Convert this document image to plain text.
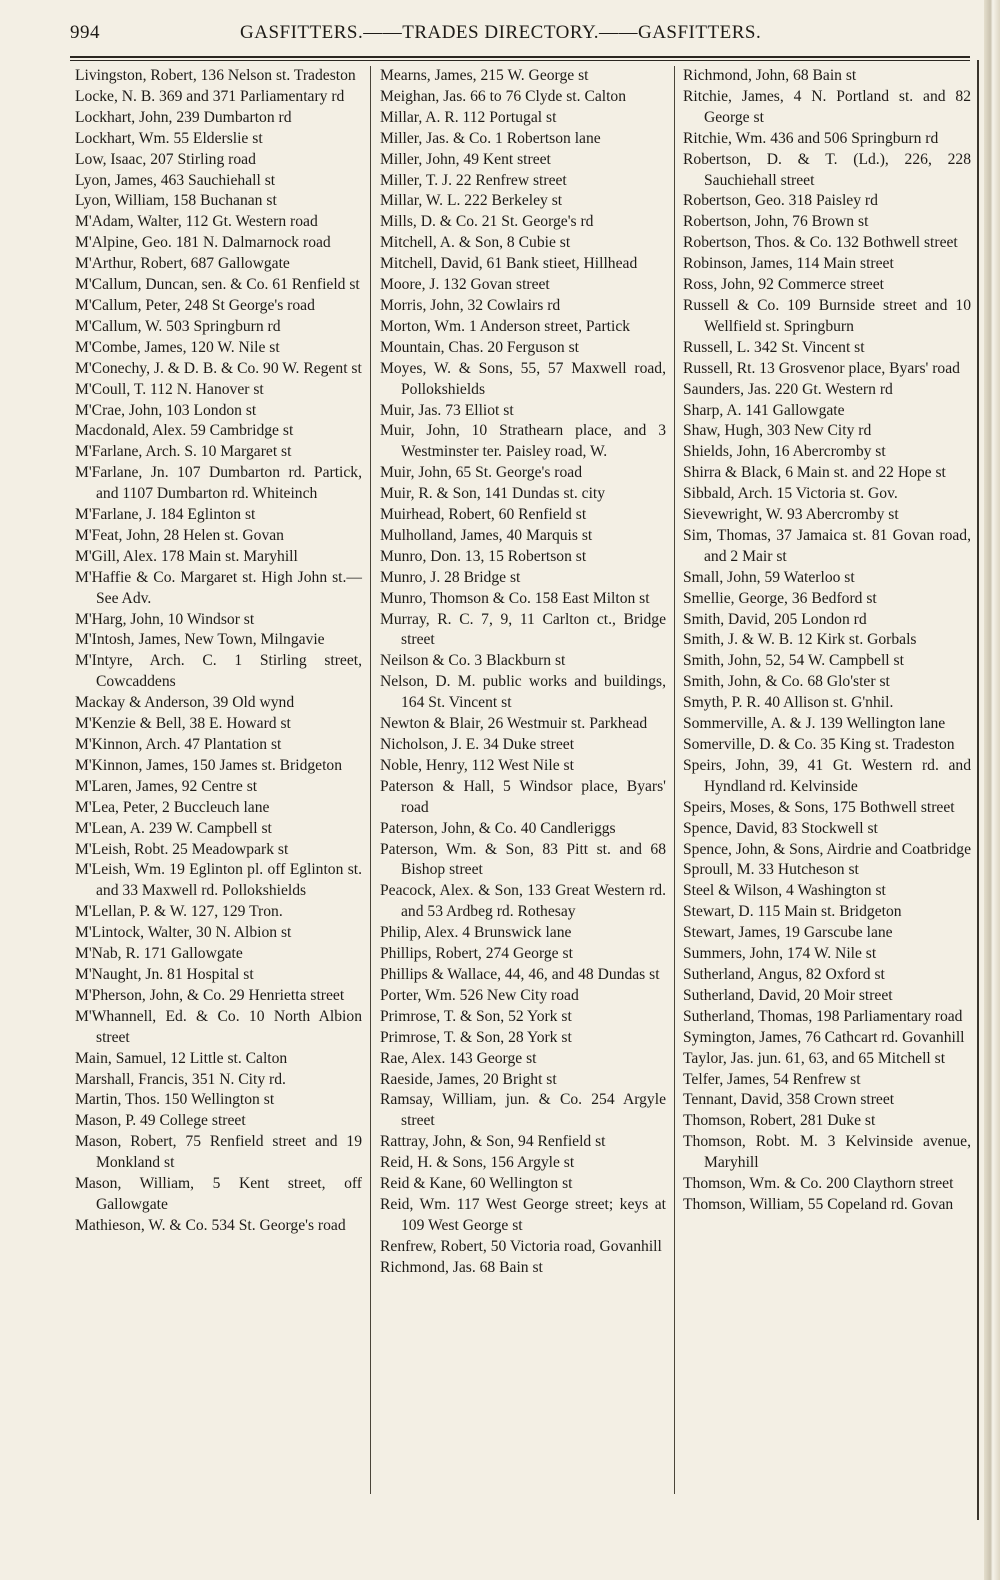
994	GASFITTERS.——TRADES DIRECTORY.——GASFITTERS.

Livingston, Robert, 136 Nelson st. Tradeston

Locke, N. B. 369 and 371 Parliamentary rd

Lockhart, John, 239 Dumbarton rd

Lockhart, Wm. 55 Elderslie st

Low, Isaac, 207 Stirling road

Lyon, James, 463 Sauchiehall st

Lyon, William, 158 Buchanan st

M'Adam, Walter, 112 Gt. Western road

M'Alpine, Geo. 181 N. Dalmarnock road

M'Arthur, Robert, 687 Gallowgate

M'Callum, Duncan, sen. & Co. 61 Renfield st

M'Callum, Peter, 248 St George's road

M'Callum, W. 503 Springburn rd

M'Combe, James, 120 W. Nile st

M'Conechy, J. & D. B. & Co. 90 W. Regent st

M'Coull, T. 112 N. Hanover st

M'Crae, John, 103 London st

Macdonald, Alex. 59 Cambridge st

M'Farlane, Arch. S. 10 Margaret st

M'Farlane, Jn. 107 Dumbarton rd. Partick, and 1107 Dumbarton rd. Whiteinch

M'Farlane, J. 184 Eglinton st

M'Feat, John, 28 Helen st. Govan

M'Gill, Alex. 178 Main st. Maryhill

M'Haffie & Co. Margaret st. High John st.—See Adv.

M'Harg, John, 10 Windsor st

M'Intosh, James, New Town, Milngavie

M'Intyre, Arch. C. 1 Stirling street, Cowcaddens

Mackay & Anderson, 39 Old wynd

M'Kenzie & Bell, 38 E. Howard st

M'Kinnon, Arch. 47 Plantation st

M'Kinnon, James, 150 James st. Bridgeton

M'Laren, James, 92 Centre st

M'Lea, Peter, 2 Buccleuch lane

M'Lean, A. 239 W. Campbell st

M'Leish, Robt. 25 Meadowpark st

M'Leish, Wm. 19 Eglinton pl. off Eglinton st. and 33 Maxwell rd. Pollokshields

M'Lellan, P. & W. 127, 129 Tron.

M'Lintock, Walter, 30 N. Albion st

M'Nab, R. 171 Gallowgate

M'Naught, Jn. 81 Hospital st

M'Pherson, John, & Co. 29 Henrietta street

M'Whannell, Ed. & Co. 10 North Albion street

Main, Samuel, 12 Little st. Calton

Marshall, Francis, 351 N. City rd.

Martin, Thos. 150 Wellington st

Mason, P. 49 College street

Mason, Robert, 75 Renfield street and 19 Monkland st

Mason, William, 5 Kent street, off Gallowgate

Mathieson, W. & Co. 534 St. George's road

Mearns, James, 215 W. George st

Meighan, Jas. 66 to 76 Clyde st. Calton

Millar, A. R. 112 Portugal st

Miller, Jas. & Co. 1 Robertson lane

Miller, John, 49 Kent street

Miller, T. J. 22 Renfrew street

Millar, W. L. 222 Berkeley st

Mills, D. & Co. 21 St. George's rd

Mitchell, A. & Son, 8 Cubie st

Mitchell, David, 61 Bank stieet, Hillhead

Moore, J. 132 Govan street

Morris, John, 32 Cowlairs rd

Morton, Wm. 1 Anderson street, Partick

Mountain, Chas. 20 Ferguson st

Moyes, W. & Sons, 55, 57 Maxwell road, Pollokshields

Muir, Jas. 73 Elliot st

Muir, John, 10 Strathearn place, and 3 Westminster ter. Paisley road, W.

Muir, John, 65 St. George's road

Muir, R. & Son, 141 Dundas st. city

Muirhead, Robert, 60 Renfield st

Mulholland, James, 40 Marquis st

Munro, Don. 13, 15 Robertson st

Munro, J. 28 Bridge st

Munro, Thomson & Co. 158 East Milton st

Murray, R. C. 7, 9, 11 Carlton ct., Bridge street

Neilson & Co. 3 Blackburn st

Nelson, D. M. public works and buildings, 164 St. Vincent st

Newton & Blair, 26 Westmuir st. Parkhead

Nicholson, J. E. 34 Duke street

Noble, Henry, 112 West Nile st

Paterson & Hall, 5 Windsor place, Byars' road

Paterson, John, & Co. 40 Candleriggs

Paterson, Wm. & Son, 83 Pitt st. and 68 Bishop street

Peacock, Alex. & Son, 133 Great Western rd. and 53 Ardbeg rd. Rothesay

Philip, Alex. 4 Brunswick lane

Phillips, Robert, 274 George st

Phillips & Wallace, 44, 46, and 48 Dundas st

Porter, Wm. 526 New City road

Primrose, T. & Son, 52 York st

Primrose, T. & Son, 28 York st

Rae, Alex. 143 George st

Raeside, James, 20 Bright st

Ramsay, William, jun. & Co. 254 Argyle street

Rattray, John, & Son, 94 Renfield st

Reid, H. & Sons, 156 Argyle st

Reid & Kane, 60 Wellington st

Reid, Wm. 117 West George street; keys at 109 West George st

Renfrew, Robert, 50 Victoria road, Govanhill

Richmond, Jas. 68 Bain st

Richmond, John, 68 Bain st

Ritchie, James, 4 N. Portland st. and 82 George st

Ritchie, Wm. 436 and 506 Springburn rd

Robertson, D. & T. (Ld.), 226, 228 Sauchiehall street

Robertson, Geo. 318 Paisley rd

Robertson, John, 76 Brown st

Robertson, Thos. & Co. 132 Bothwell street

Robinson, James, 114 Main street

Ross, John, 92 Commerce street

Russell & Co. 109 Burnside street and 10 Wellfield st. Springburn

Russell, L. 342 St. Vincent st

Russell, Rt. 13 Grosvenor place, Byars' road

Saunders, Jas. 220 Gt. Western rd

Sharp, A. 141 Gallowgate

Shaw, Hugh, 303 New City rd

Shields, John, 16 Abercromby st

Shirra & Black, 6 Main st. and 22 Hope st

Sibbald, Arch. 15 Victoria st. Gov.

Sievewright, W. 93 Abercromby st

Sim, Thomas, 37 Jamaica st. 81 Govan road, and 2 Mair st

Small, John, 59 Waterloo st

Smellie, George, 36 Bedford st

Smith, David, 205 London rd

Smith, J. & W. B. 12 Kirk st. Gorbals

Smith, John, 52, 54 W. Campbell st

Smith, John, & Co. 68 Glo'ster st

Smyth, P. R. 40 Allison st. G'nhil.

Sommerville, A. & J. 139 Wellington lane

Somerville, D. & Co. 35 King st. Tradeston

Speirs, John, 39, 41 Gt. Western rd. and Hyndland rd. Kelvinside

Speirs, Moses, & Sons, 175 Bothwell street

Spence, David, 83 Stockwell st

Spence, John, & Sons, Airdrie and Coatbridge

Sproull, M. 33 Hutcheson st

Steel & Wilson, 4 Washington st

Stewart, D. 115 Main st. Bridgeton

Stewart, James, 19 Garscube lane

Summers, John, 174 W. Nile st

Sutherland, Angus, 82 Oxford st

Sutherland, David, 20 Moir street

Sutherland, Thomas, 198 Parliamentary road

Symington, James, 76 Cathcart rd. Govanhill

Taylor, Jas. jun. 61, 63, and 65 Mitchell st

Telfer, James, 54 Renfrew st

Tennant, David, 358 Crown street

Thomson, Robert, 281 Duke st

Thomson, Robt. M. 3 Kelvinside avenue, Maryhill

Thomson, Wm. & Co. 200 Claythorn street

Thomson, William, 55 Copeland rd. Govan
